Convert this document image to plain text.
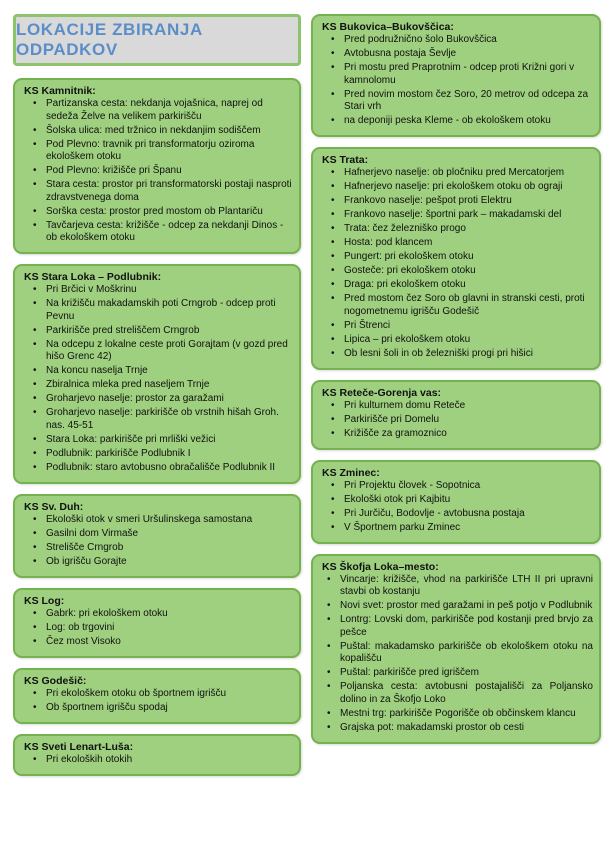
LOKACIJE ZBIRANJA ODPADKOV
KS Kamnitnik:
• Partizanska cesta: nekdanja vojašnica, naprej od sedeža Želve na velikem parkirišču
• Šolska ulica: med tržnico in nekdanjim sodiščem
• Pod Plevno: travnik pri transformatorju oziroma ekološkem otoku
• Pod Plevno: križišče pri Španu
• Stara cesta: prostor pri transformatorski postaji nasproti zdravstvenega doma
• Sorška cesta: prostor pred mostom ob Plantariču
• Tavčarjeva cesta: križišče - odcep za nekdanji Dinos - ob ekološkem otoku
KS Stara Loka – Podlubnik:
• Pri Brčici v Moškrinu
• Na križišču makadamskih poti Crngrob - odcep proti Pevnu
• Parkirišče pred streliščem Crngrob
• Na odcepu z lokalne ceste proti Gorajtam (v gozd pred hišo Grenc 42)
• Na koncu naselja Trnje
• Zbiralnica mleka pred naseljem Trnje
• Groharjevo naselje: prostor za garažami
• Groharjevo naselje: parkirišče ob vrstnih hišah Groh. nas. 45-51
• Stara Loka: parkirišče pri mrliški vežici
• Podlubnik: parkirišče Podlubnik I
• Podlubnik: staro avtobusno obračališče Podlubnik II
KS Sv. Duh:
• Ekološki otok v smeri Uršulinskega samostana
• Gasilni dom Virmaše
• Strelišče Crngrob
• Ob igrišču Gorajte
KS Log:
• Gabrk: pri ekološkem otoku
• Log: ob trgovini
• Čez most Visoko
KS Godešič:
• Pri ekološkem otoku ob športnem igrišču
• Ob športnem igrišču spodaj
KS Sveti Lenart-Luša:
• Pri ekoloških otokih
KS Bukovica–Bukovščica:
• Pred podružnično šolo Bukovščica
• Avtobusna postaja Ševlje
• Pri mostu pred Praprotnim - odcep proti Križni gori v kamnolomu
• Pred novim mostom čez Soro, 20 metrov od odcepa za Stari vrh
• na deponiji peska Kleme - ob ekološkem otoku
KS Trata:
• Hafnerjevo naselje: ob pločniku pred Mercatorjem
• Hafnerjevo naselje: pri ekološkem otoku ob ograji
• Frankovo naselje: pešpot proti Elektru
• Frankovo naselje: športni park – makadamski del
• Trata: čez železniško progo
• Hosta: pod klancem
• Pungert: pri ekološkem otoku
• Gosteče: pri ekološkem otoku
• Draga: pri ekološkem otoku
• Pred mostom čez Soro ob glavni in stranski cesti, proti nogometnemu igrišču Godešič
• Pri Štrenci
• Lipica – pri ekološkem otoku
• Ob lesni šoli in ob železniški progi pri hišici
KS Reteče-Gorenja vas:
• Pri kulturnem domu Reteče
• Parkirišče pri Domelu
• Križišče za gramoznico
KS Zminec:
• Pri Projektu človek - Sopotnica
• Ekološki otok pri Kajbitu
• Pri Jurčiču, Bodovlje - avtobusna postaja
• V Športnem parku Zminec
KS Škofja Loka–mesto:
• Vincarje: križišče, vhod na parkirišče LTH II pri upravni stavbi ob kostanju
• Novi svet: prostor med garažami in peš potjo v Podlubnik
• Lontrg: Lovski dom, parkirišče pod kostanji pred brvjo za pešce
• Puštal: makadamsko parkirišče ob ekološkem otoku na kopališču
• Puštal: parkirišče pred igriščem
• Poljanska cesta: avtobusni postajališči za Poljansko dolino in za Škofjo Loko
• Mestni trg: parkirišče Pogorišče ob občinskem klancu
• Grajska pot: makadamski prostor ob cesti
